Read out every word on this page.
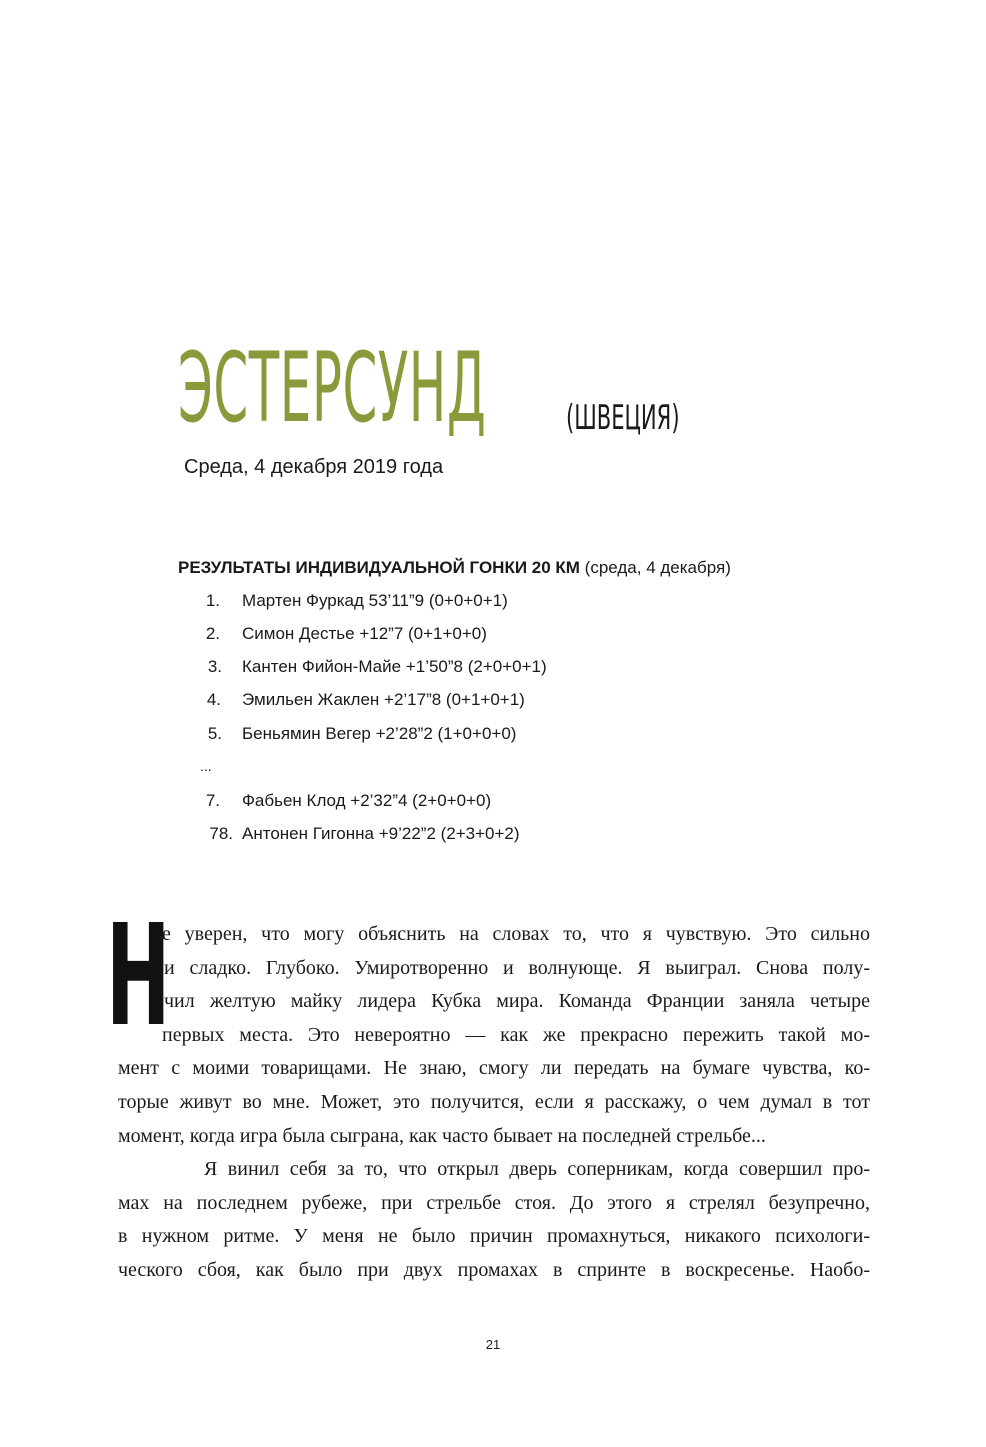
ЭСТЕРСУНД (ШВЕЦИЯ)
Среда, 4 декабря 2019 года
РЕЗУЛЬТАТЫ ИНДИВИДУАЛЬНОЙ ГОНКИ 20 КМ (среда, 4 декабря)
1. Мартен Фуркад 53’11”9 (0+0+0+1)
2. Симон Дестье +12”7 (0+1+0+0)
3. Кантен Фийон-Майе +1’50”8 (2+0+0+1)
4. Эмильен Жаклен +2’17”8 (0+1+0+1)
5. Беньямин Вегер +2’28”2 (1+0+0+0)
...
7. Фабьен Клод +2’32”4 (2+0+0+0)
78. Антонен Гигонна +9’22”2 (2+3+0+2)
Н
е уверен, что могу объяснить на словах то, что я чувствую. Это сильно
и сладко. Глубоко. Умиротворенно и волнующе. Я выиграл. Снова полу-
чил желтую майку лидера Кубка мира. Команда Франции заняла четыре
первых места. Это невероятно — как же прекрасно пережить такой мо-
мент с моими товарищами. Не знаю, смогу ли передать на бумаге чувства, ко-
торые живут во мне. Может, это получится, если я расскажу, о чем думал в тот
момент, когда игра была сыграна, как часто бывает на последней стрельбе...
Я винил себя за то, что открыл дверь соперникам, когда совершил про-
мах на последнем рубеже, при стрельбе стоя. До этого я стрелял безупречно,
в нужном ритме. У меня не было причин промахнуться, никакого психологи-
ческого сбоя, как было при двух промахах в спринте в воскресенье. Наобо-
21
